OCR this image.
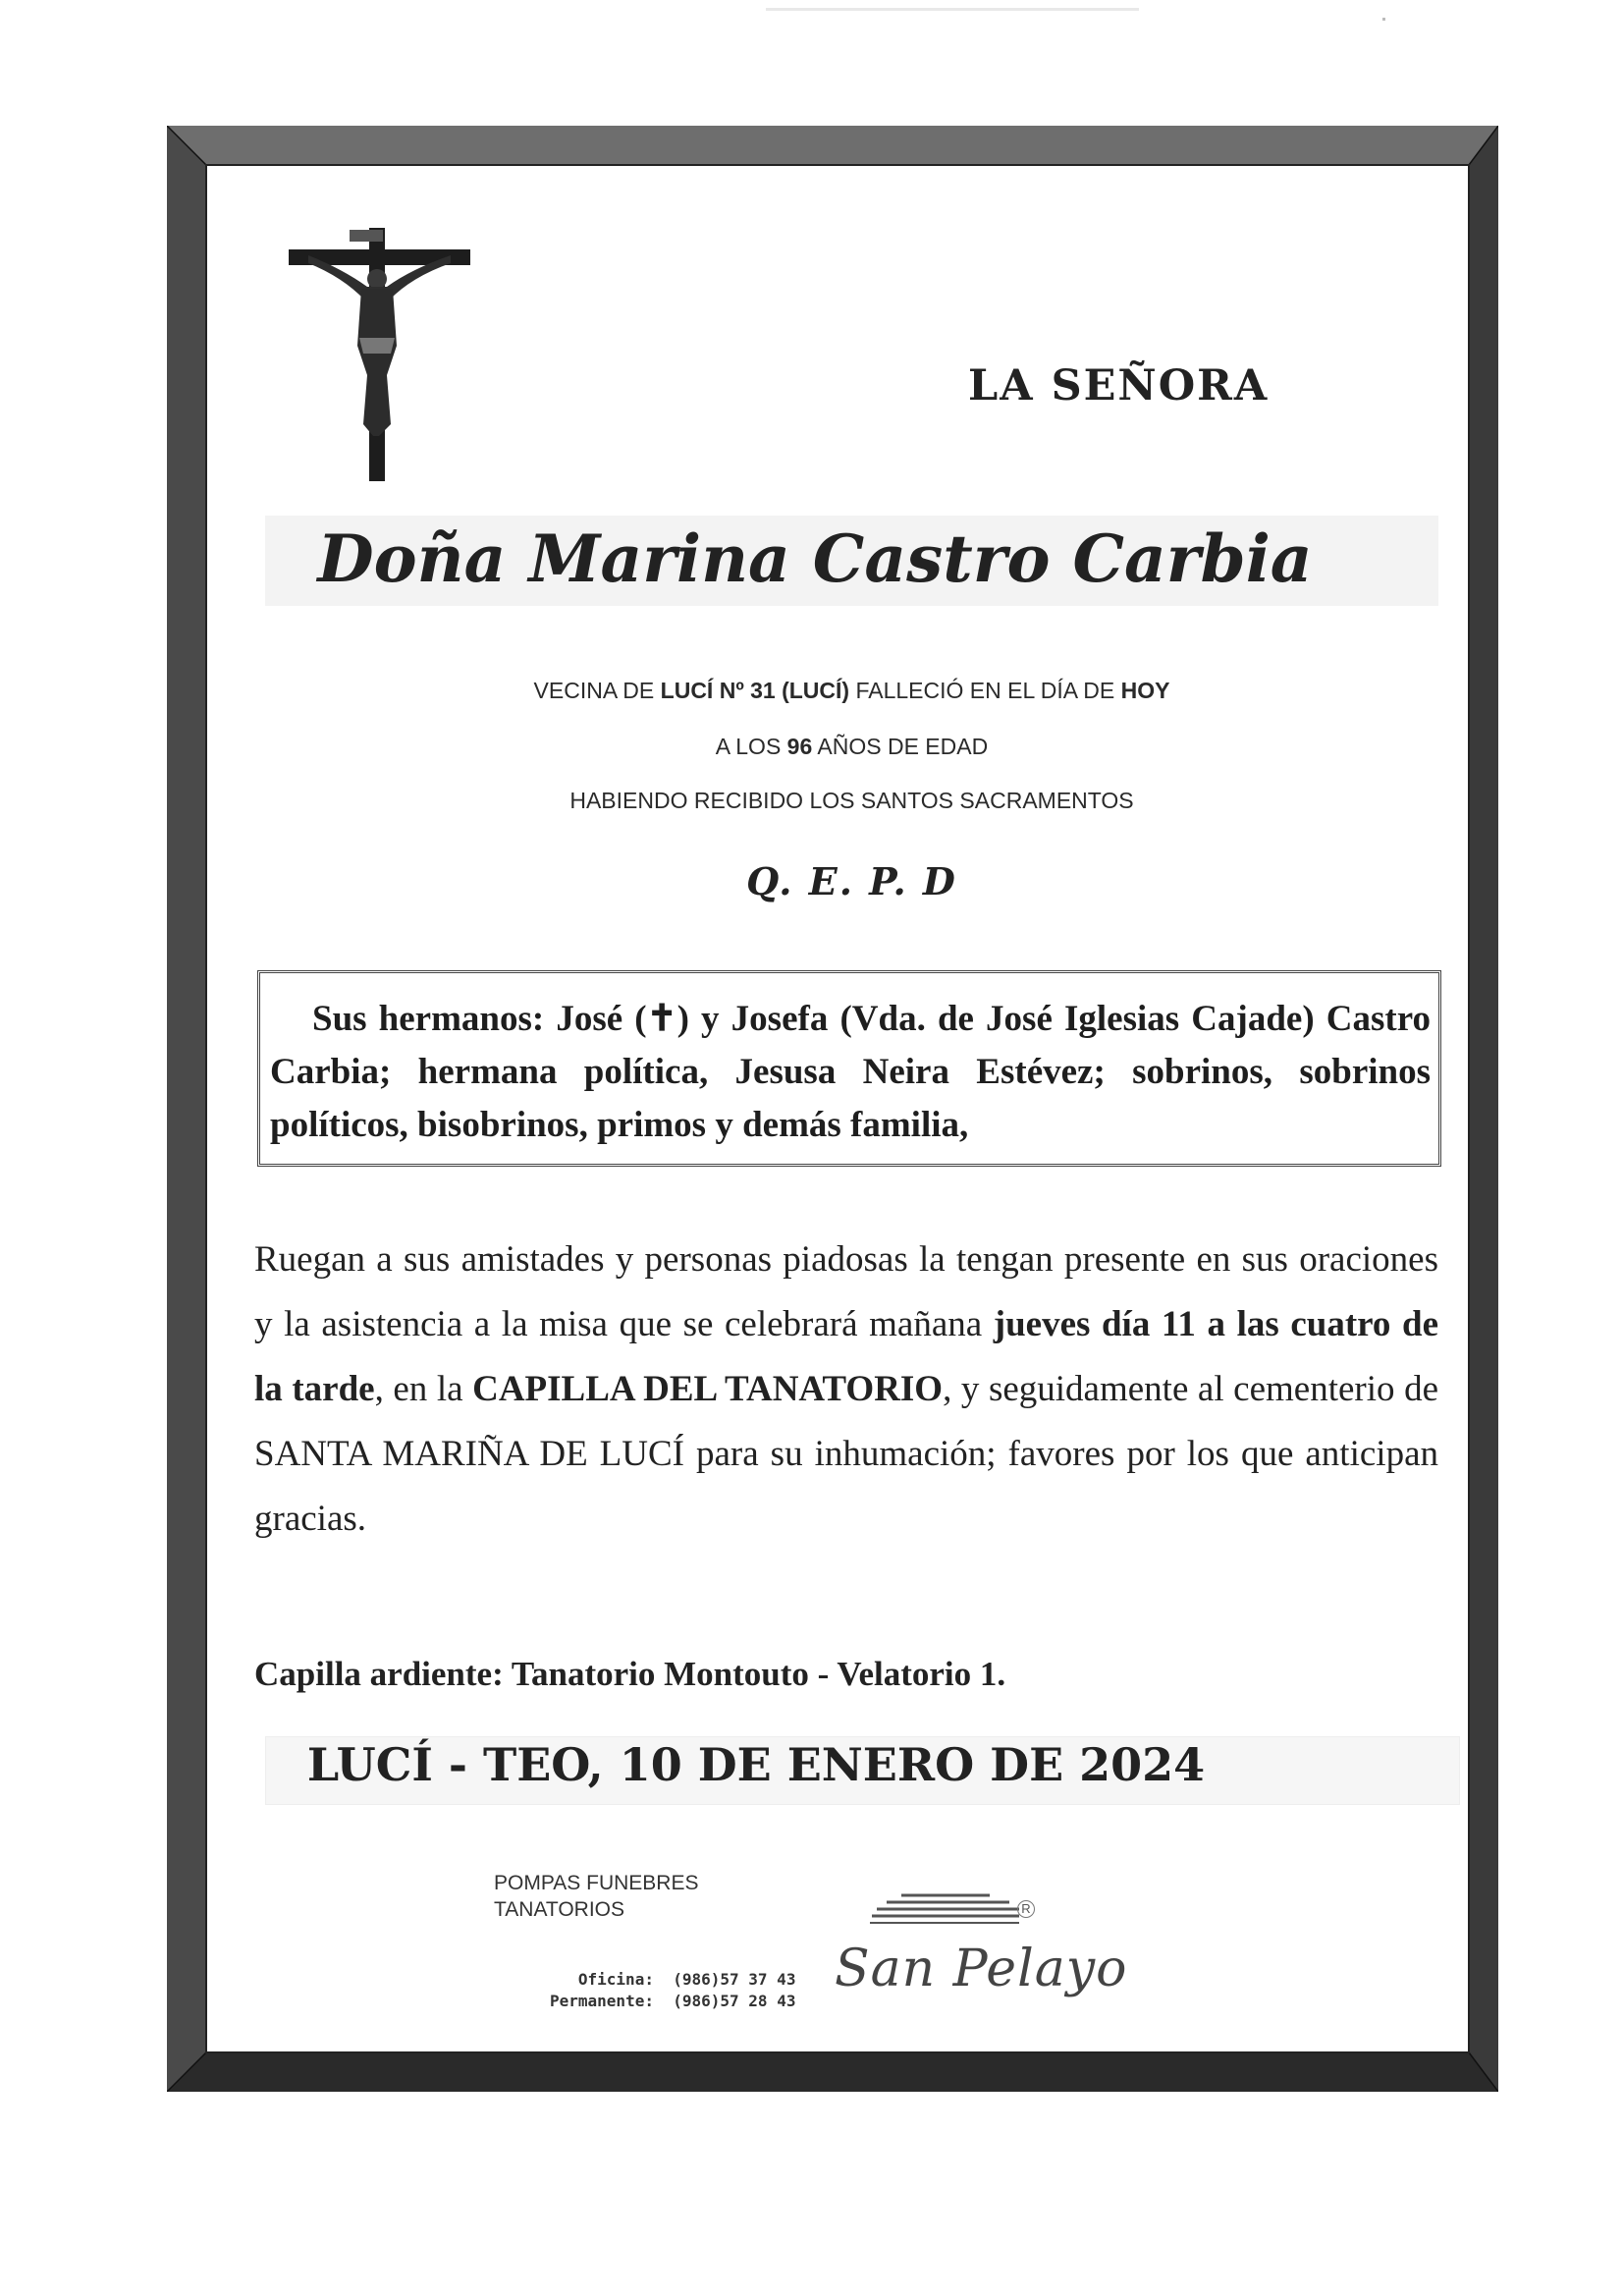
LA SEÑORA
Doña Marina Castro Carbia
VECINA DE LUCÍ Nº 31 (LUCÍ) FALLECIÓ EN EL DÍA DE HOY
A LOS 96 AÑOS DE EDAD
HABIENDO RECIBIDO LOS SANTOS SACRAMENTOS
Q. E. P. D
Sus hermanos: José (✝) y Josefa (Vda. de José Iglesias Cajade) Castro Carbia; hermana política, Jesusa Neira Estévez; sobrinos, sobrinos políticos, bisobrinos, primos y demás familia,
Ruegan a sus amistades y personas piadosas la tengan presente en sus oraciones y la asistencia a la misa que se celebrará mañana jueves día 11 a las cuatro de la tarde, en la CAPILLA DEL TANATORIO, y seguidamente al cementerio de SANTA MARIÑA DE LUCÍ para su inhumación; favores por los que anticipan gracias.
Capilla ardiente: Tanatorio Montouto - Velatorio 1.
LUCÍ - TEO, 10 DE ENERO DE 2024
POMPAS FUNEBRES
TANATORIOS
Oficina:  (986)57 37 43
Permanente:  (986)57 28 43
R
San Pelayo
